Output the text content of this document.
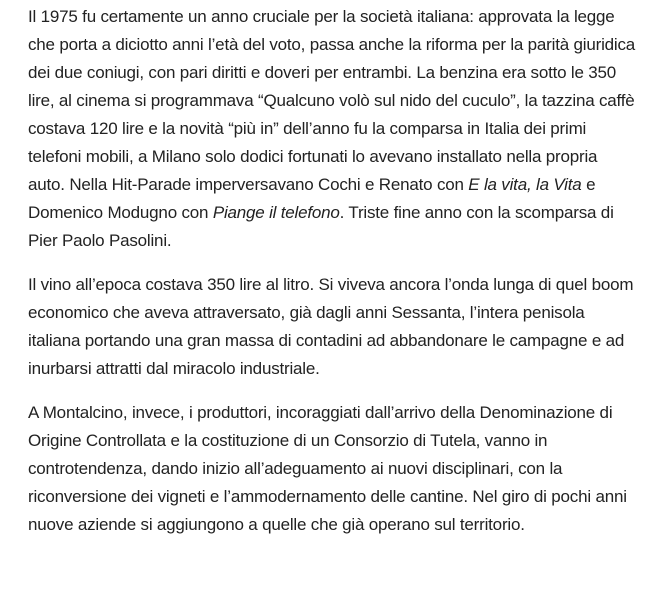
Il 1975 fu certamente un anno cruciale per la società italiana: approvata la legge che porta a diciotto anni l’età del voto, passa anche la riforma per la parità giuridica dei due coniugi, con pari diritti e doveri per entrambi. La benzina era sotto le 350 lire, al cinema si programmava “Qualcuno volò sul nido del cuculo”, la tazzina caffè costava 120 lire e la novità “più in” dell’anno fu la comparsa in Italia dei primi telefoni mobili, a Milano solo dodici fortunati lo avevano installato nella propria auto. Nella Hit-Parade imperversavano Cochi e Renato con E la vita, la Vita e Domenico Modugno con Piange il telefono. Triste fine anno con la scomparsa di Pier Paolo Pasolini.

Il vino all’epoca costava 350 lire al litro. Si viveva ancora l’onda lunga di quel boom economico che aveva attraversato, già dagli anni Sessanta, l’intera penisola italiana portando una gran massa di contadini ad abbandonare le campagne e ad inurbarsi attratti dal miracolo industriale.

A Montalcino, invece, i produttori, incoraggiati dall’arrivo della Denominazione di Origine Controllata e la costituzione di un Consorzio di Tutela, vanno in controtendenza, dando inizio all’adeguamento ai nuovi disciplinari, con la riconversione dei vigneti e l’ammodernamento delle cantine. Nel giro di pochi anni nuove aziende si aggiungono a quelle che già operano sul territorio.
